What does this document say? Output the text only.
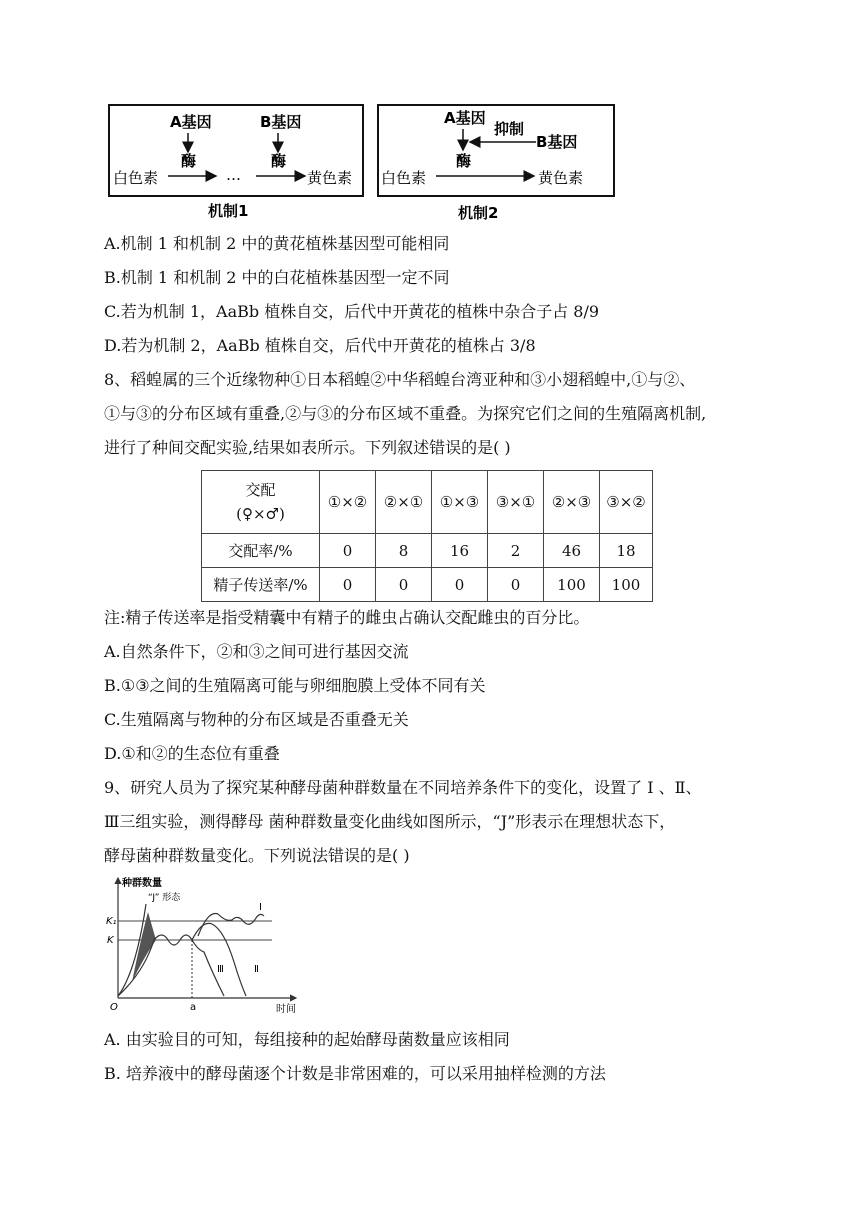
A基因
酶
B基因
酶
白色素	…	黄色素
机制1
A基因
抑制
B基因
酶
白色素	黄色素
机制2
A.机制 1 和机制 2 中的黄花植株基因型可能相同
B.机制 1 和机制 2 中的白花植株基因型一定不同
C.若为机制 1，AaBb 植株自交，后代中开黄花的植株中杂合子占 8/9
D.若为机制 2，AaBb 植株自交，后代中开黄花的植株占 3/8
8、稻蝗属的三个近缘物种①日本稻蝗②中华稻蝗台湾亚种和③小翅稻蝗中,①与②、
①与③的分布区域有重叠,②与③的分布区域不重叠。为探究它们之间的生殖隔离机制,
进行了种间交配实验,结果如表所示。下列叙述错误的是( )
交配
(♀×♂)	①×②	②×①	①×③	③×①	②×③	③×②
交配率/%	0	8	16	2	46	18
精子传送率/%	0	0	0	0	100	100
注:精子传送率是指受精囊中有精子的雌虫占确认交配雌虫的百分比。
A.自然条件下，②和③之间可进行基因交流
B.①③之间的生殖隔离可能与卵细胞膜上受体不同有关
C.生殖隔离与物种的分布区域是否重叠无关
D.①和②的生态位有重叠
9、研究人员为了探究某种酵母菌种群数量在不同培养条件下的变化，设置了 I 、Ⅱ、
Ⅲ三组实验，测得酵母 菌种群数量变化曲线如图所示，“J”形表示在理想状态下，
酵母菌种群数量变化。下列说法错误的是( )
种群数量
“J” 形态
K₁
K
Ⅰ
Ⅱ
Ⅲ
O	a	时间
A. 由实验目的可知，每组接种的起始酵母菌数量应该相同
B. 培养液中的酵母菌逐个计数是非常困难的，可以采用抽样检测的方法
